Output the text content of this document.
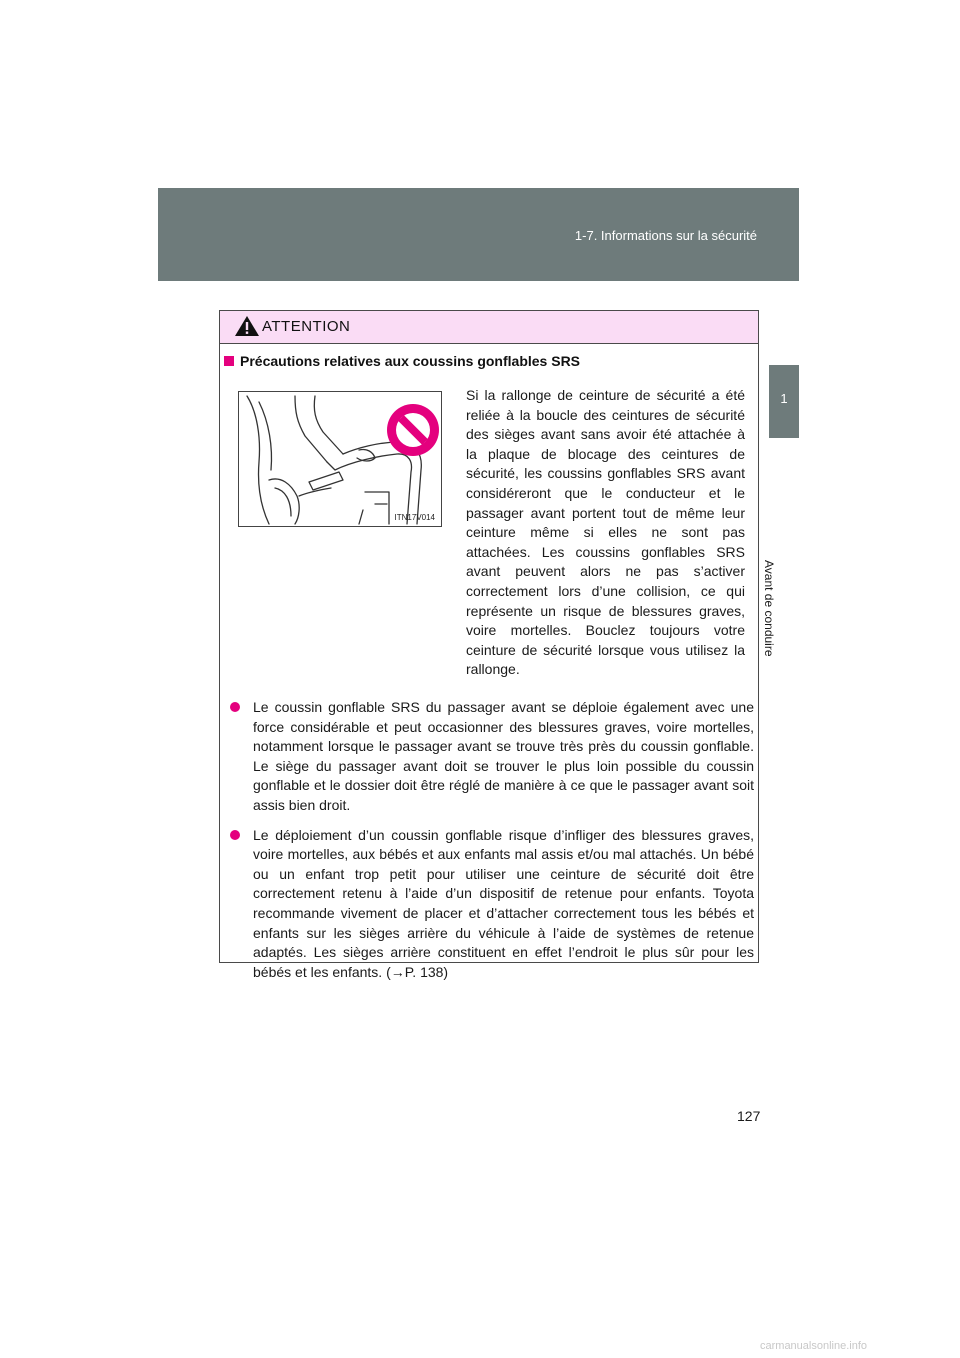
1-7. Informations sur la sécurité
1
Avant de conduire
ATTENTION
Précautions relatives aux coussins gonflables SRS
ITN17V014
Si la rallonge de ceinture de sécurité a été reliée à la boucle des ceintures de sécurité des sièges avant sans avoir été attachée à la plaque de blocage des ceintures de sécurité, les coussins gonflables SRS avant considéreront que le conducteur et le passager avant portent tout de même leur ceinture même si elles ne sont pas attachées. Les coussins gonflables SRS avant peuvent alors ne pas s’activer correctement lors d’une collision, ce qui représente un risque de blessures graves, voire mortelles. Bouclez toujours votre ceinture de sécurité lorsque vous utilisez la rallonge.
Le coussin gonflable SRS du passager avant se déploie également avec une force considérable et peut occasionner des blessures graves, voire mortelles, notamment lorsque le passager avant se trouve très près du coussin gonflable. Le siège du passager avant doit se trouver le plus loin possible du coussin gonflable et le dossier doit être réglé de manière à ce que le passager avant soit assis bien droit.
Le déploiement d’un coussin gonflable risque d’infliger des blessures graves, voire mortelles, aux bébés et aux enfants mal assis et/ou mal attachés. Un bébé ou un enfant trop petit pour utiliser une ceinture de sécurité doit être correctement retenu à l’aide d’un dispositif de retenue pour enfants. Toyota recommande vivement de placer et d’attacher correctement tous les bébés et enfants sur les sièges arrière du véhicule à l’aide de systèmes de retenue adaptés. Les sièges arrière constituent en effet l’endroit le plus sûr pour les bébés et les enfants. (→P. 138)
127
carmanualsonline.info
